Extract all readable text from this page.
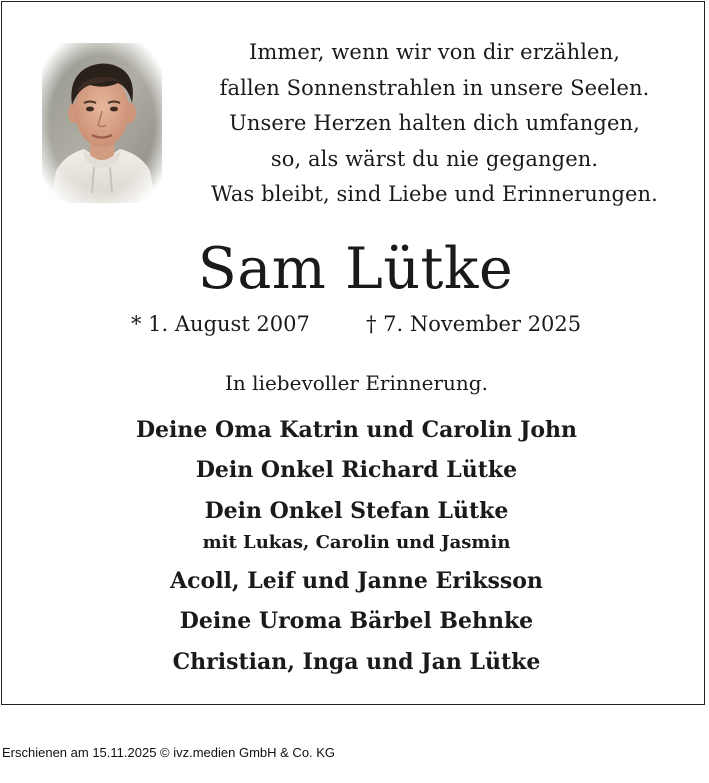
Immer, wenn wir von dir erzählen,
fallen Sonnenstrahlen in unsere Seelen.
Unsere Herzen halten dich umfangen,
so, als wärst du nie gegangen.
Was bleibt, sind Liebe und Erinnerungen.
Sam Lütke
* 1. August 2007	† 7. November 2025
In liebevoller Erinnerung.
Deine Oma Katrin und Carolin John
Dein Onkel Richard Lütke
Dein Onkel Stefan Lütke
mit Lukas, Carolin und Jasmin
Acoll, Leif und Janne Eriksson
Deine Uroma Bärbel Behnke
Christian, Inga und Jan Lütke
Erschienen am 15.11.2025 © ivz.medien GmbH & Co. KG
